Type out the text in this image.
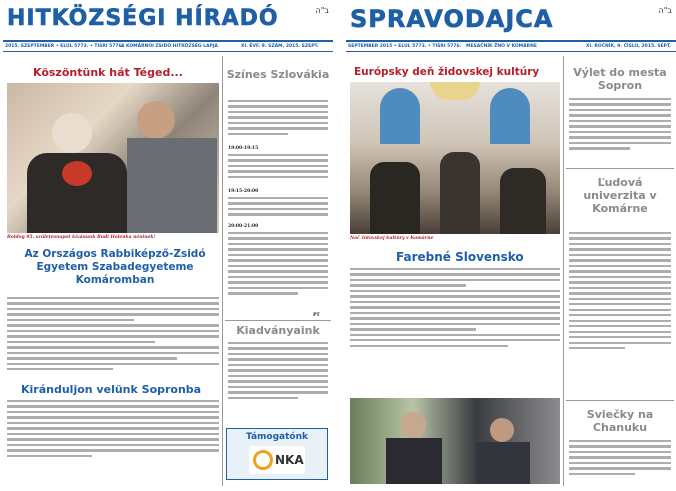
HITKÖZSÉGI HÍRADÓ	ב"ה
2015. SZEPTEMBER • ELUL 5773. • TISRI 5776.
A KOMÁRNOI ZSIDÓ HITKÖZSÉG LAPJA	XI. ÉVF. 9. SZÁM, 2015. SZEPT.
Köszöntünk hát Téged...
Boldog 95. születésnapot kívánunk Rudi Holenka néninek!
Az Országos Rabbiképző-Zsidó Egyetem Szabadegyeteme Komáromban
Kiránduljon velünk Sopronba
Színes Szlovákia
19:00-19:15
19:15-20:00
20:00-21:00
PT
Kiadványaink
Támogatónk
NKA
SPRAVODAJCA	ב"ה
SEPTEMBER 2015 • ELUL 5773. • TIŠRI 5776. MESAČNÍK ŽNO V KOMÁRNE	XI. ROČNÍK, 9. ČÍSLO, 2015. SEPT.
Európsky deň židovskej kultúry
Noč židovskej kultúry v Komárne
Farebné Slovensko
Výlet do mesta Sopron
Ľudová univerzita v Komárne
Sviečky na Chanuku
